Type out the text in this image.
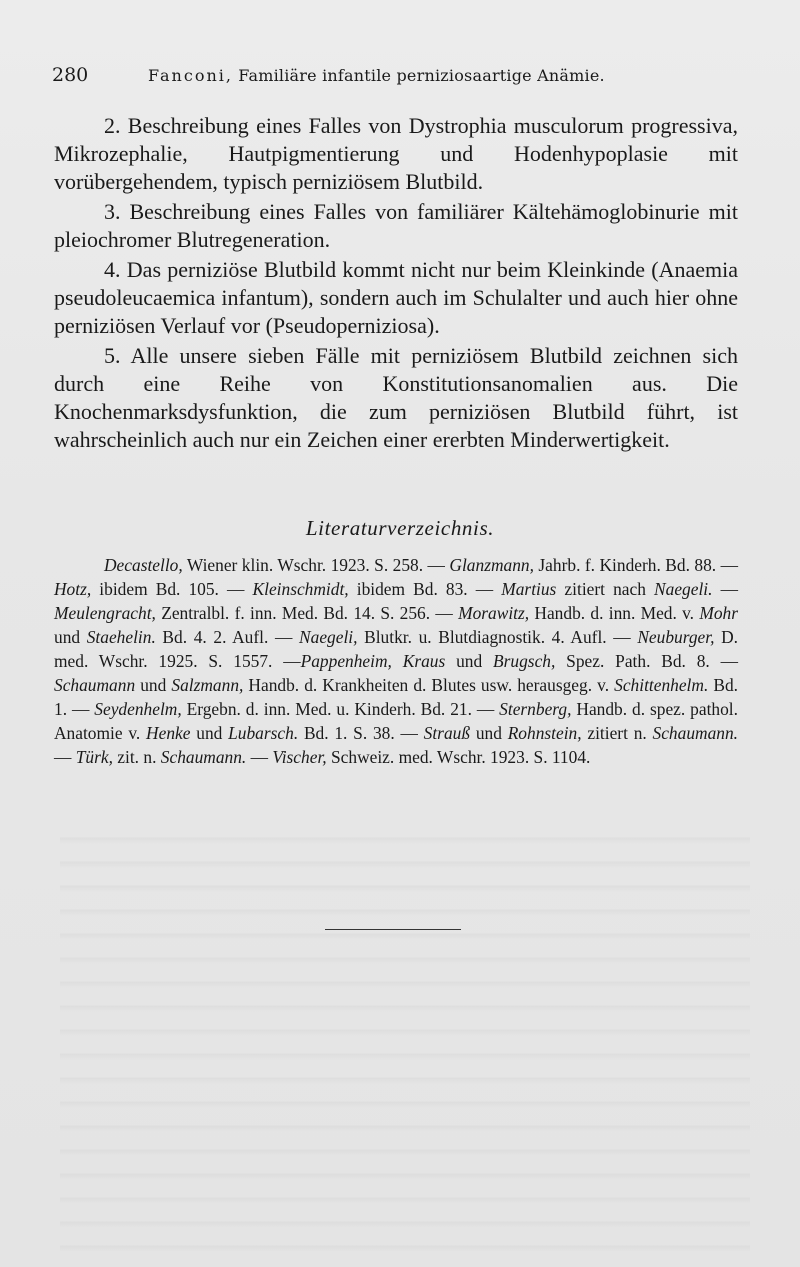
280	Fanconi, Familiäre infantile perniziosaartige Anämie.

2. Beschreibung eines Falles von Dystrophia musculorum progressiva, Mikrozephalie, Hautpigmentierung und Hodenhypoplasie mit vorübergehendem, typisch perniziösem Blutbild.

3. Beschreibung eines Falles von familiärer Kältehämoglobinurie mit pleiochromer Blutregeneration.

4. Das perniziöse Blutbild kommt nicht nur beim Kleinkinde (Anaemia pseudoleucaemica infantum), sondern auch im Schulalter und auch hier ohne perniziösen Verlauf vor (Pseudoperniziosa).

5. Alle unsere sieben Fälle mit perniziösem Blutbild zeichnen sich durch eine Reihe von Konstitutionsanomalien aus. Die Knochenmarksdysfunktion, die zum perniziösen Blutbild führt, ist wahrscheinlich auch nur ein Zeichen einer ererbten Minderwertigkeit.

Literaturverzeichnis.
Decastello, Wiener klin. Wschr. 1923. S. 258. — Glanzmann, Jahrb. f. Kinderh. Bd. 88. — Hotz, ibidem Bd. 105. — Kleinschmidt, ibidem Bd. 83. — Martius zitiert nach Naegeli. — Meulengracht, Zentralbl. f. inn. Med. Bd. 14. S. 256. — Morawitz, Handb. d. inn. Med. v. Mohr und Staehelin. Bd. 4. 2. Aufl. — Naegeli, Blutkr. u. Blutdiagnostik. 4. Aufl. — Neuburger, D. med. Wschr. 1925. S. 1557. —Pappenheim, Kraus und Brugsch, Spez. Path. Bd. 8. — Schaumann und Salzmann, Handb. d. Krankheiten d. Blutes usw. herausgeg. v. Schittenhelm. Bd. 1. — Seydenhelm, Ergebn. d. inn. Med. u. Kinderh. Bd. 21. — Sternberg, Handb. d. spez. pathol. Anatomie v. Henke und Lubarsch. Bd. 1. S. 38. — Strauß und Rohnstein, zitiert n. Schaumann. — Türk, zit. n. Schaumann. — Vischer, Schweiz. med. Wschr. 1923. S. 1104.
